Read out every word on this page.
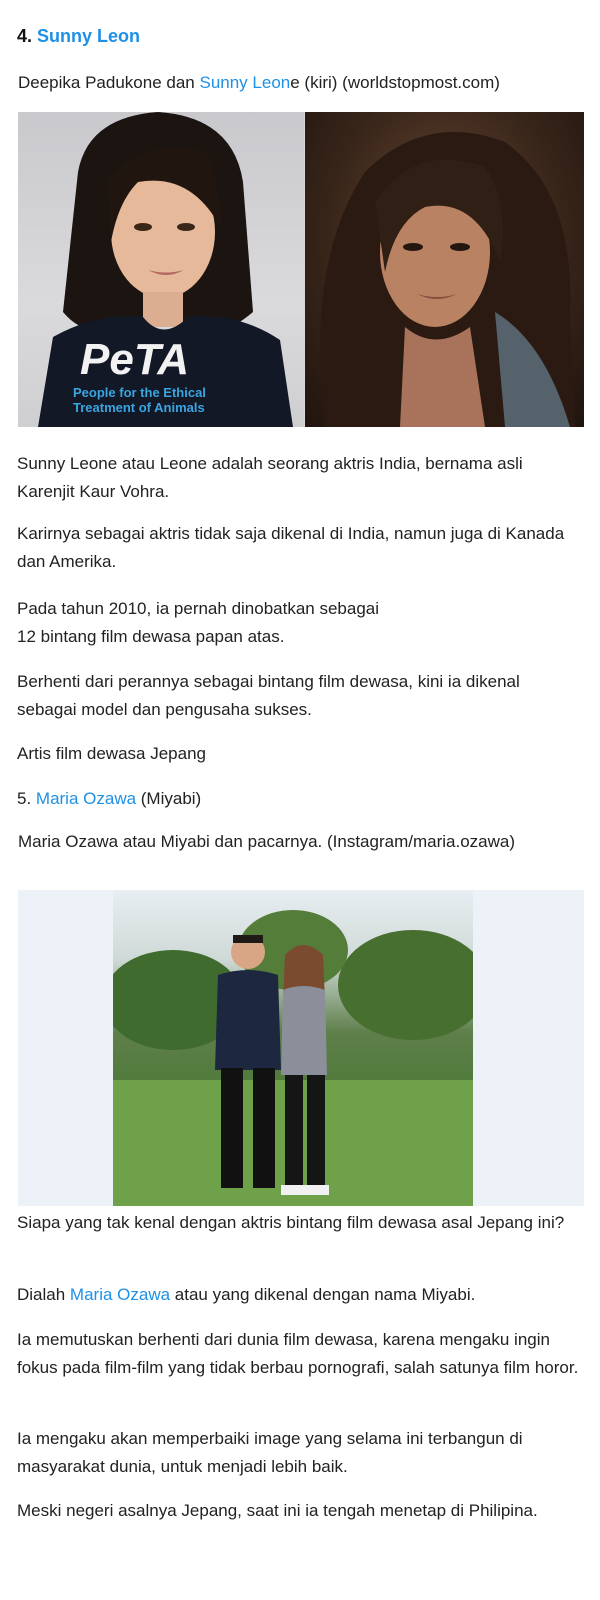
4. Sunny Leon

Deepika Padukone dan Sunny Leone (kiri) (worldstopmost.com)

PeTA
People for the Ethical
Treatment of Animals

Sunny Leone atau Leone adalah seorang aktris India, bernama asli Karenjit Kaur Vohra.

Karirnya sebagai aktris tidak saja dikenal di India, namun juga di Kanada dan Amerika.

Pada tahun 2010, ia pernah dinobatkan sebagai

12 bintang film dewasa papan atas.

Berhenti dari perannya sebagai bintang film dewasa, kini ia dikenal sebagai model dan pengusaha sukses.

Artis film dewasa Jepang

5. Maria Ozawa (Miyabi)

Maria Ozawa atau Miyabi dan pacarnya. (Instagram/maria.ozawa)

Siapa yang tak kenal dengan aktris bintang film dewasa asal Jepang ini?

Dialah Maria Ozawa atau yang dikenal dengan nama Miyabi.

Ia memutuskan berhenti dari dunia film dewasa, karena mengaku ingin fokus pada film-film yang tidak berbau pornografi, salah satunya film horor.

Ia mengaku akan memperbaiki image yang selama ini terbangun di masyarakat dunia, untuk menjadi lebih baik.

Meski negeri asalnya Jepang, saat ini ia tengah menetap di Philipina.
